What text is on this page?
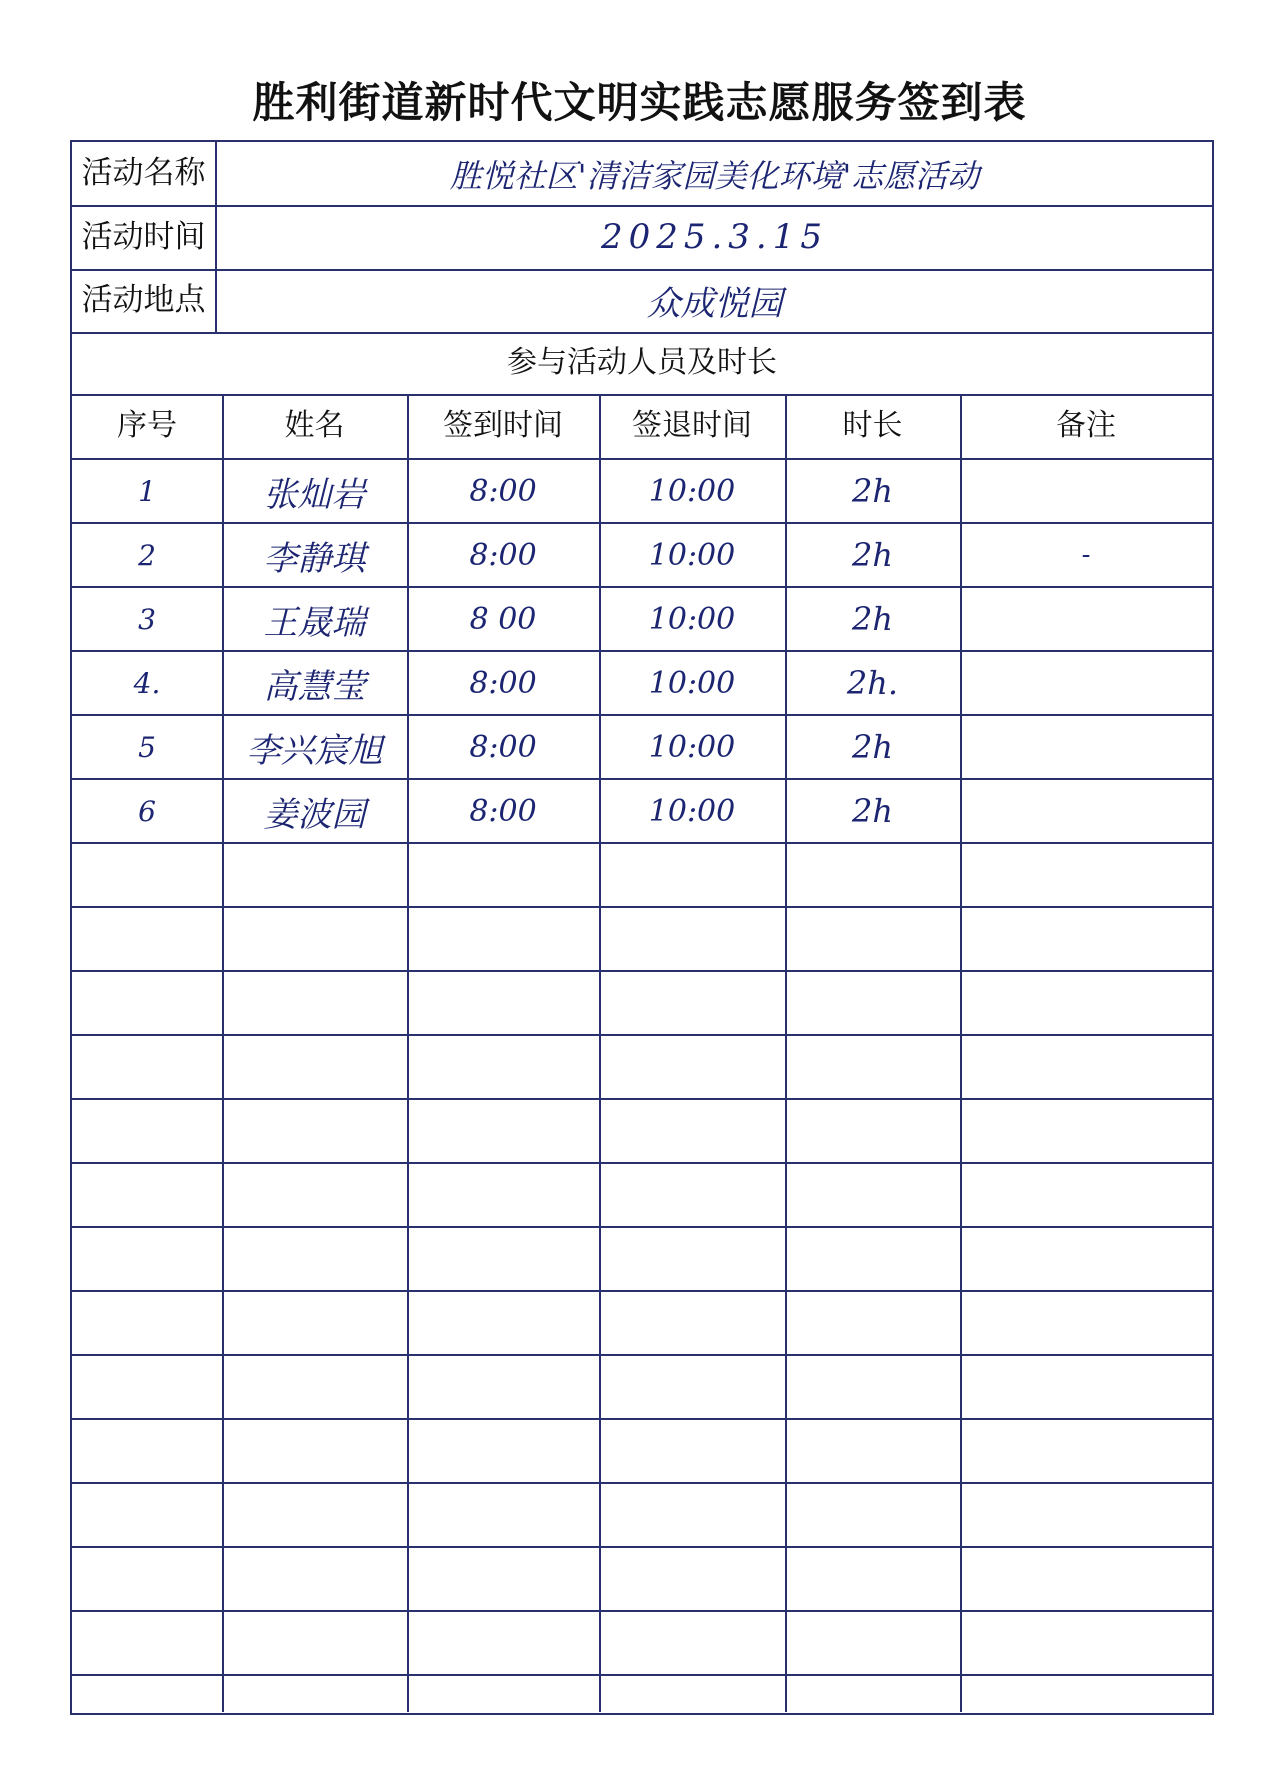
胜利街道新时代文明实践志愿服务签到表
活动名称	胜悦社区'清洁家园美化环境'志愿活动
活动时间	2025.3.15
活动地点	众成悦园
参与活动人员及时长
序号	姓名	签到时间	签退时间	时长	备注
1	张灿岩	8:00	10:00	2h
2	李静琪	8:00	10:00	2h	-
3	王晟瑞	8 00	10:00	2h
4.	高慧莹	8:00	10:00	2h.
5	李兴宸旭	8:00	10:00	2h
6	姜波园	8:00	10:00	2h
